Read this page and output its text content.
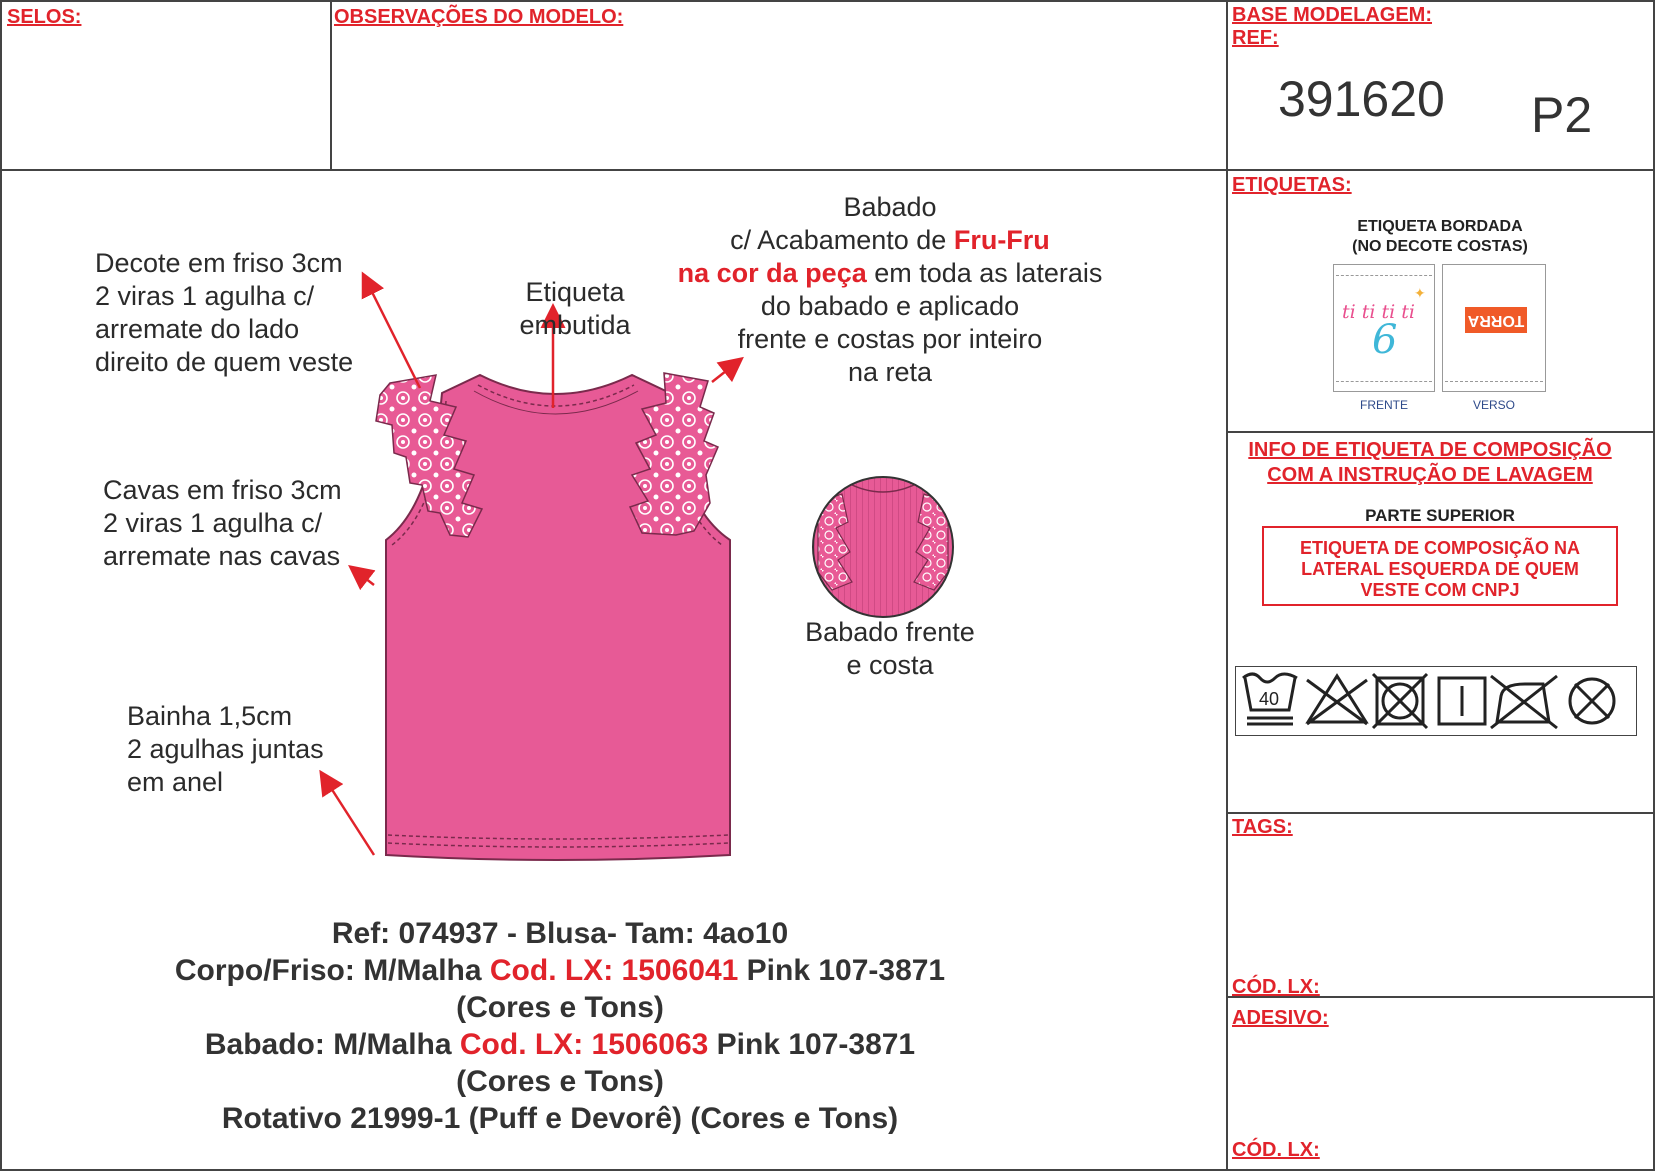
SELOS:	OBSERVAÇÕES DO MODELO:	BASE MODELAGEM:
REF:
391620 P2
ETIQUETAS:
TAGS:
CÓD. LX:
ADESIVO:
CÓD. LX:
ETIQUETA BORDADA
(NO DECOTE COSTAS)
ti ti ti ti
6
✦
TORRA
FRENTE	VERSO
INFO DE ETIQUETA DE COMPOSIÇÃO
COM A INSTRUÇÃO DE LAVAGEM
PARTE SUPERIOR
ETIQUETA DE COMPOSIÇÃO NA
LATERAL ESQUERDA DE QUEM
VESTE COM CNPJ
40
Decote em friso 3cm
2 viras 1 agulha c/
arremate do lado
direito de quem veste
Etiqueta
embutida
Babado
c/ Acabamento de Fru-Fru
na cor da peça em toda as laterais
do babado e aplicado
frente e costas por inteiro
na reta
Cavas em friso 3cm
2 viras 1 agulha c/
arremate nas cavas
Bainha 1,5cm
2 agulhas juntas
em anel
Babado frente
e costa
Ref: 074937 - Blusa- Tam: 4ao10
Corpo/Friso: M/Malha Cod. LX: 1506041 Pink 107-3871
(Cores e Tons)
Babado: M/Malha Cod. LX: 1506063 Pink 107-3871
(Cores e Tons)
Rotativo 21999-1 (Puff e Devorê) (Cores e Tons)
